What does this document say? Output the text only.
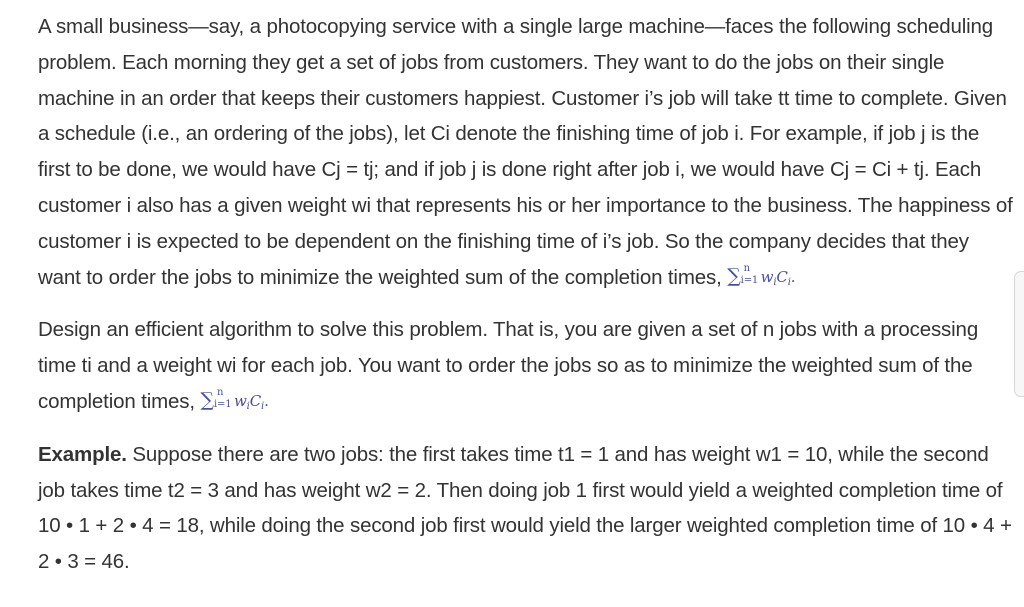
A small business—say, a photocopying service with a single large machine—faces the following scheduling problem. Each morning they get a set of jobs from customers. They want to do the jobs on their single machine in an order that keeps their customers happiest. Customer i’s job will take tt time to complete. Given a schedule (i.e., an ordering of the jobs), let Ci denote the finishing time of job i. For example, if job j is the first to be done, we would have Cj = tj; and if job j is done right after job i, we would have Cj = Ci + tj. Each customer i also has a given weight wi that represents his or her importance to the business. The happiness of customer i is expected to be dependent on the finishing time of i’s job. So the company decides that they want to order the jobs to minimize the weighted sum of the completion times, ∑ n
i=1 $w_iC_i$.

Design an efficient algorithm to solve this problem. That is, you are given a set of n jobs with a processing time ti and a weight wi for each job. You want to order the jobs so as to minimize the weighted sum of the completion times, ∑ n
i=1 $w_iC_i$.

Example. Suppose there are two jobs: the first takes time t1 = 1 and has weight w1 = 10, while the second job takes time t2 = 3 and has weight w2 = 2. Then doing job 1 first would yield a weighted completion time of 10 • 1 + 2 • 4 = 18, while doing the second job first would yield the larger weighted completion time of 10 • 4 + 2 • 3 = 46.
